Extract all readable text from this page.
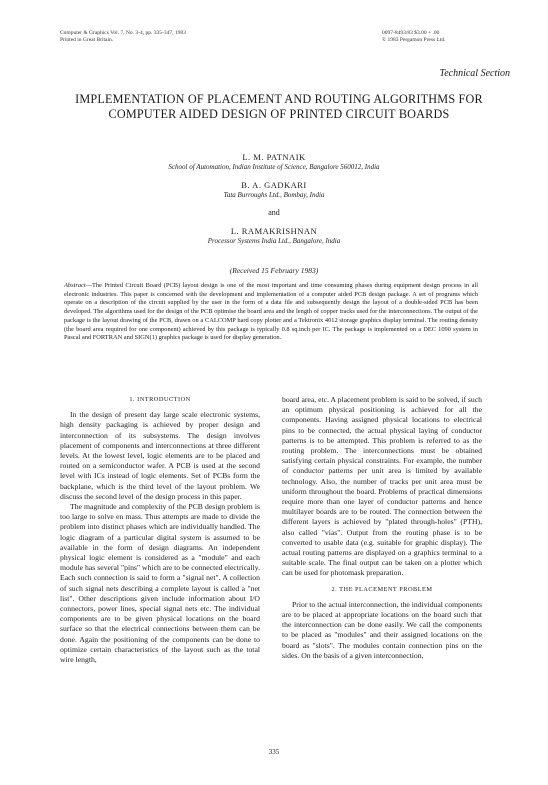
Computer & Graphics Vol. 7, No. 3-4, pp. 335-347, 1983
Printed in Great Britain.
0097-8493/83 $3.00 + .00
© 1983 Pergamon Press Ltd.
Technical Section
IMPLEMENTATION OF PLACEMENT AND ROUTING ALGORITHMS FOR COMPUTER AIDED DESIGN OF PRINTED CIRCUIT BOARDS
L. M. PATNAIK
School of Automation, Indian Institute of Science, Bangalore 560012, India
B. A. GADKARI
Tata Burroughs Ltd., Bombay, India
and
L. RAMAKRISHNAN
Processor Systems India Ltd., Bangalore, India
(Received 15 February 1983)
Abstract—The Printed Circuit Board (PCB) layout design is one of the most important and time consuming phases during equipment design process in all electronic industries. This paper is concerned with the development and implementation of a computer aided PCB design package. A set of programs which operate on a description of the circuit supplied by the user in the form of a data file and subsequently design the layout of a double-sided PCB has been developed. The algorithms used for the design of the PCB optimise the board area and the length of copper tracks used for the interconnections. The output of the package is the layout drawing of the PCB, drawn on a CALCOMP hard copy plotter and a Tektronix 4012 storage graphics display terminal. The routing density (the board area required for one component) achieved by this package is typically 0.8 sq.inch per IC. The package is implemented on a DEC 1090 system in Pascal and FORTRAN and SIGN(1) graphics package is used for display generation.
1. INTRODUCTION

In the design of present day large scale electronic systems, high density packaging is achieved by proper design and interconnection of its subsystems. The design involves placement of components and interconnections at three different levels. At the lowest level, logic elements are to be placed and routed on a semiconductor wafer. A PCB is used at the second level with ICs instead of logic elements. Set of PCBs form the backplane, which is the third level of the layout problem. We discuss the second level of the design process in this paper.

The magnitude and complexity of the PCB design problem is too large to solve en mass. Thus attempts are made to divide the problem into distinct phases which are individually handled. The logic diagram of a particular digital system is assumed to be available in the form of design diagrams. An independent physical logic element is considered as a "module" and each module has several "pins" which are to be connected electrically. Each such connection is said to form a "signal net". A collection of such signal nets describing a complete layout is called a "net list". Other descriptions given include information about I/O connectors, power lines, special signal nets etc. The individual components are to be given physical locations on the board surface so that the electrical connections between them can be done. Again the positioning of the components can be done to optimize certain characteristics of the layout such as the total wire length,

board area, etc. A placement problem is said to be solved, if such an optimum physical positioning is achieved for all the components. Having assigned physical locations to electrical pins to be connected, the actual physical laying of conductor patterns is to be attempted. This problem is referred to as the routing problem. The interconnections must be obtained satisfying certain physical constraints. For example, the number of conductor patterns per unit area is limited by available technology. Also, the number of tracks per unit area must be uniform throughout the board. Problems of practical dimensions require more than one layer of conductor patterns and hence multilayer boards are to be routed. The connection between the different layers is achieved by "plated through-holes" (PTH), also called "vias". Output from the routing phase is to be converted to usable data (e.g. suitable for graphic display). The actual routing patterns are displayed on a graphics terminal to a suitable scale. The final output can be taken on a plotter which can be used for photomask preparation.

2. THE PLACEMENT PROBLEM

Prior to the actual interconnection, the individual components are to be placed at appropriate locations on the board such that the interconnection can be done easily. We call the components to be placed as "modules" and their assigned locations on the board as "slots". The modules contain connection pins on the sides. On the basis of a given interconnection,

335
